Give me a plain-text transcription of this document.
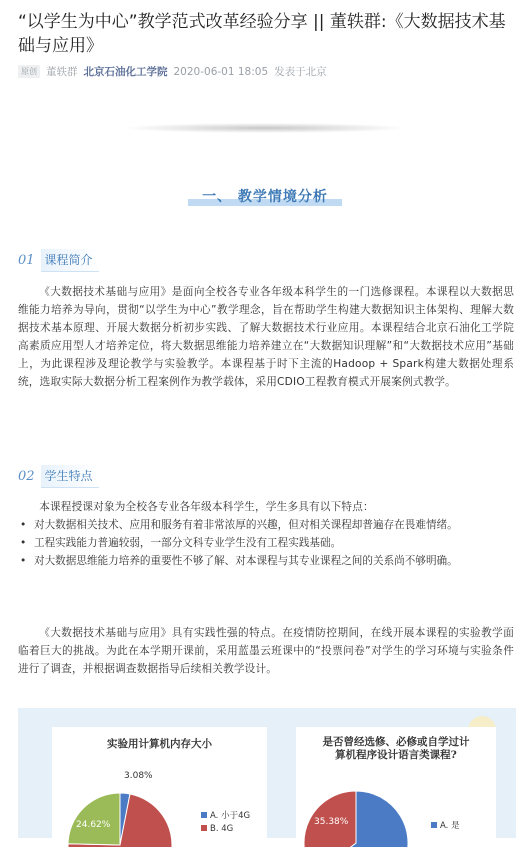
“以学生为中心”教学范式改革经验分享 || 董轶群:《大数据技术基础与应用》
原创 董轶群 北京石油化工学院 2020-06-01 18:05 发表于北京
一、 教学情境分析
01 课程简介
《大数据技术基础与应用》是面向全校各专业各年级本科学生的一门选修课程。本课程以大数据思维能力培养为导向，贯彻“以学生为中心”教学理念，旨在帮助学生构建大数据知识主体架构、理解大数据技术基本原理、开展大数据分析初步实践、了解大数据技术行业应用。本课程结合北京石油化工学院高素质应用型人才培养定位，将大数据思维能力培养建立在“大数据知识理解”和“大数据技术应用”基础上，为此课程涉及理论教学与实验教学。本课程基于时下主流的Hadoop + Spark构建大数据处理系统，选取实际大数据分析工程案例作为教学载体，采用CDIO工程教育模式开展案例式教学。
02 学生特点
本课程授课对象为全校各专业各年级本科学生，学生多具有以下特点：
• 对大数据相关技术、应用和服务有着非常浓厚的兴趣，但对相关课程却普遍存在畏难情绪。
• 工程实践能力普遍较弱，一部分文科专业学生没有工程实践基础。
• 对大数据思维能力培养的重要性不够了解、对本课程与其专业课程之间的关系尚不够明确。
《大数据技术基础与应用》具有实践性强的特点。在疫情防控期间，在线开展本课程的实验教学面临着巨大的挑战。为此在本学期开课前，采用蓝墨云班课中的“投票问卷”对学生的学习环境与实验条件进行了调查，并根据调查数据指导后续相关教学设计。
实验用计算机内存大小
3.08%
24.62%
A. 小于4G
B. 4G
是否曾经选修、必修或自学过计
算机程序设计语言类课程?
35.38%	A. 是
